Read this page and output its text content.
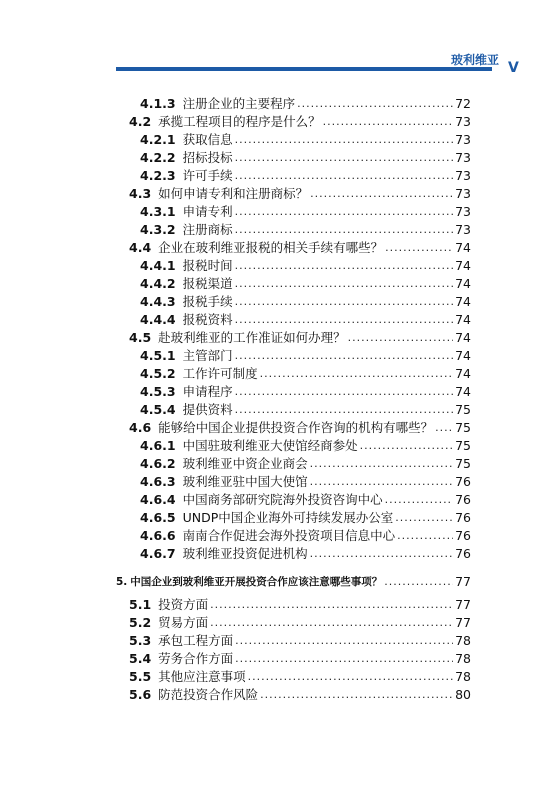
玻利维亚 V
4.1.3 注册企业的主要程序 .....	72
4.2 承揽工程项目的程序是什么？ .....	73
4.2.1 获取信息 .....	73
4.2.2 招标投标 .....	73
4.2.3 许可手续 .....	73
4.3 如何申请专利和注册商标？ .....	73
4.3.1 申请专利 .....	73
4.3.2 注册商标 .....	73
4.4 企业在玻利维亚报税的相关手续有哪些？ .....	74
4.4.1 报税时间 .....	74
4.4.2 报税渠道 .....	74
4.4.3 报税手续 .....	74
4.4.4 报税资料 .....	74
4.5 赴玻利维亚的工作准证如何办理？ .....	74
4.5.1 主管部门 .....	74
4.5.2 工作许可制度 .....	74
4.5.3 申请程序 .....	74
4.5.4 提供资料 .....	75
4.6 能够给中国企业提供投资合作咨询的机构有哪些？ ..... 75
4.6.1 中国驻玻利维亚大使馆经商参处 .....	75
4.6.2 玻利维亚中资企业商会 .....	75
4.6.3 玻利维亚驻中国大使馆 .....	76
4.6.4 中国商务部研究院海外投资咨询中心 .....	76
4.6.5 UNDP中国企业海外可持续发展办公室 .....	76
4.6.6 南南合作促进会海外投资项目信息中心 .....	76
4.6.7 玻利维亚投资促进机构 .....	76
5. 中国企业到玻利维亚开展投资合作应该注意哪些事项？ .....	77
5.1 投资方面 .....	77
5.2 贸易方面 .....	77
5.3 承包工程方面 .....	78
5.4 劳务合作方面 .....	78
5.5 其他应注意事项 .....	78
5.6 防范投资合作风险 .....	80
